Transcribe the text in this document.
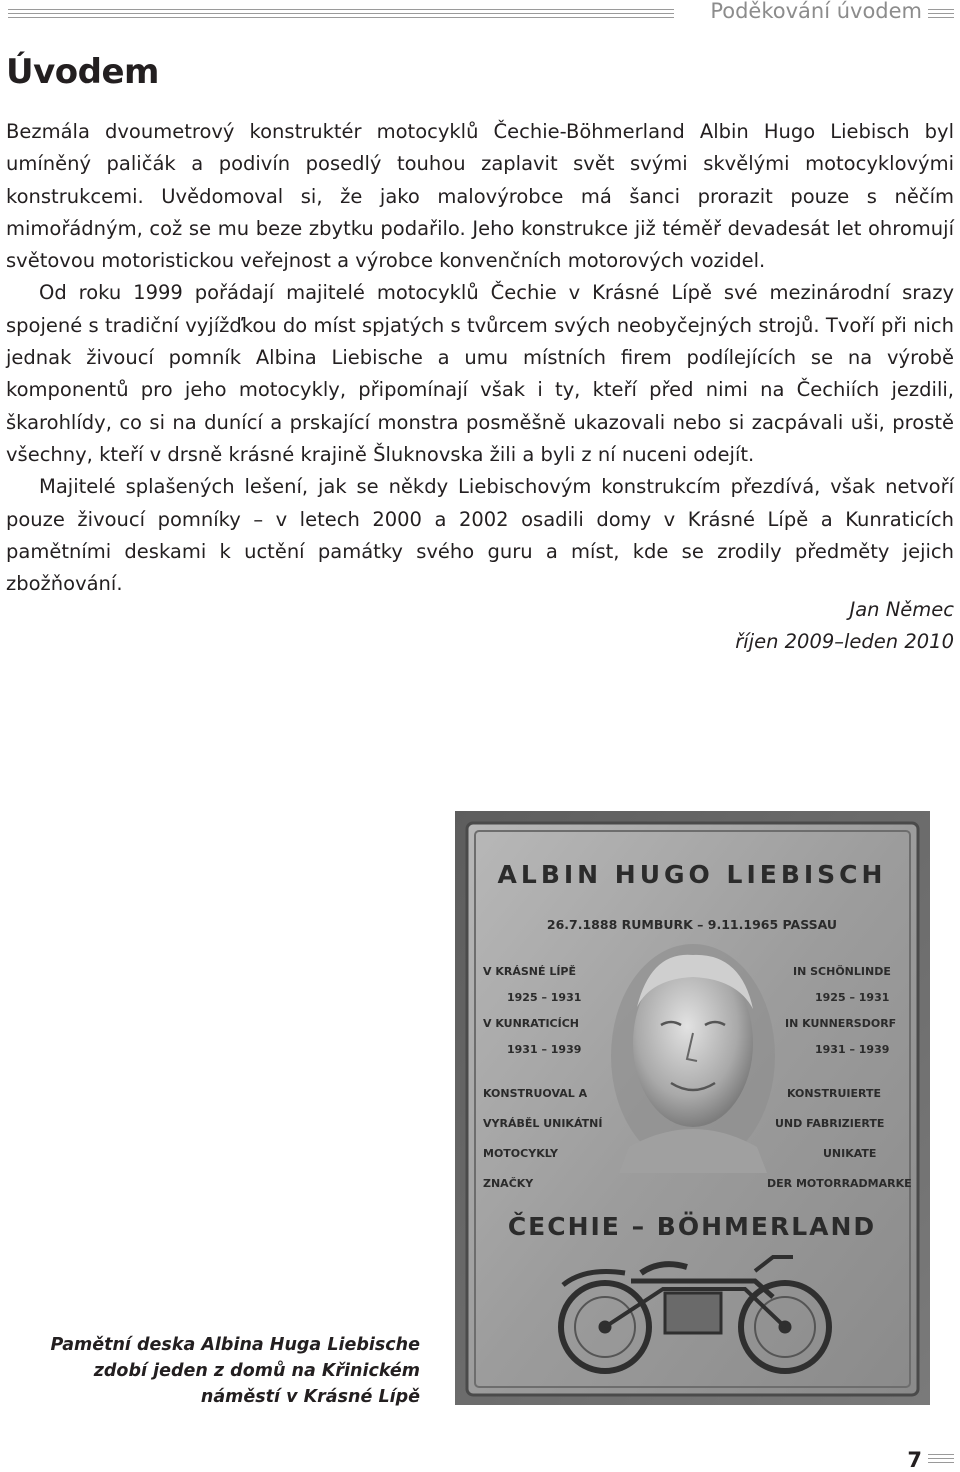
Poděkování úvodem
Úvodem

Bezmála dvoumetrový konstruktér motocyklů Čechie-Böhmerland Albin Hugo Liebisch byl umíněný paličák a podivín posedlý touhou zaplavit svět svými skvělými motocyklovými konstrukcemi. Uvědomoval si, že jako malovýrobce má šanci prorazit pouze s něčím mimořádným, což se mu beze zbytku podařilo. Jeho konstrukce již téměř devadesát let ohromují světovou motoristickou veřejnost a výrobce konvenčních motorových vozidel.

Od roku 1999 pořádají majitelé motocyklů Čechie v Krásné Lípě své mezinárodní srazy spojené s tradiční vyjížďkou do míst spjatých s tvůrcem svých neobyčejných strojů. Tvoří při nich jednak živoucí pomník Albina Liebische a umu místních firem podílejících se na výrobě komponentů pro jeho motocykly, připomínají však i ty, kteří před nimi na Čechiích jezdili, škarohlídy, co si na dunící a prskající monstra posměšně ukazovali nebo si zacpávali uši, prostě všechny, kteří v drsně krásné krajině Šluknovska žili a byli z ní nuceni odejít.

Majitelé splašených lešení, jak se někdy Liebischovým konstrukcím přezdívá, však netvoří pouze živoucí pomníky – v letech 2000 a 2002 osadili domy v Krásné Lípě a Kunraticích pamětními deskami k uctění památky svého guru a míst, kde se zrodily předměty jejich zbožňování.

Jan Němec
říjen 2009–leden 2010
ALBIN HUGO LIEBISCH
26.7.1888 RUMBURK – 9.11.1965 PASSAU
V KRÁSNÉ LÍPĚ
1925 – 1931
V KUNRATICÍCH
1931 – 1939
KONSTRUOVAL A
VYRÁBĚL UNIKÁTNÍ
MOTOCYKLY
ZNAČKY
IN SCHÖNLINDE
1925 – 1931
IN KUNNERSDORF
1931 – 1939
KONSTRUIERTE
UND FABRIZIERTE
UNIKATE
DER MOTORRADMARKE
ČECHIE – BÖHMERLAND
Pamětní deska Albina Huga Liebische zdobí jeden z domů na Křinickém náměstí v Krásné Lípě
7
